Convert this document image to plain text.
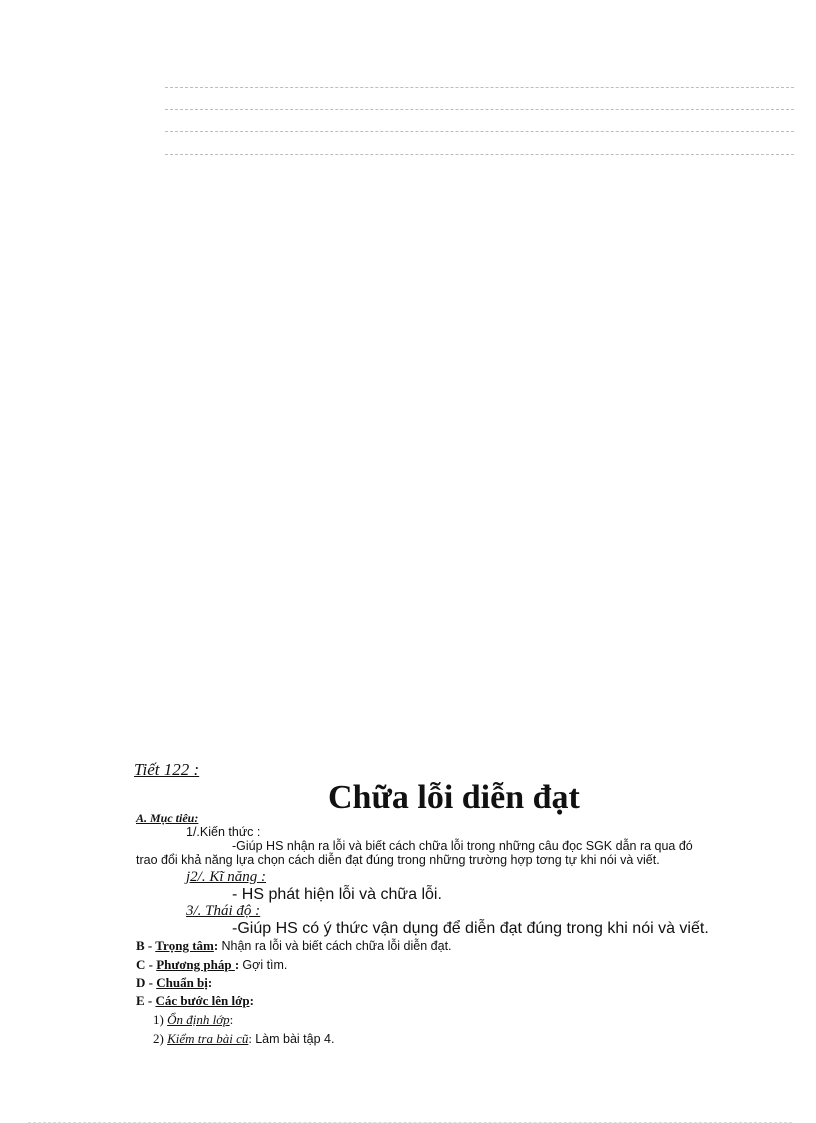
Tiết 122 :
Chữa lỗi diễn đạt
A. Mục tiêu:
1/.Kiến thức :
-Giúp HS nhận ra lỗi và biết cách chữa lỗi trong những câu đọc SGK dẫn ra qua đó
trao đổi khả năng lựa chọn cách diễn đạt đúng trong những trường hợp tơng tự khi nói và viết.
j2/. Kĩ năng :
- HS phát hiện lỗi và chữa lỗi.
3/. Thái độ :
-Giúp HS có ý thức vận dụng để diễn đạt đúng trong khi nói và viết.
B - Trọng tâm: Nhận ra lỗi và biết cách chữa lỗi diễn đạt.
C - Phương pháp : Gợi tìm.
D - Chuẩn bị:
E - Các bước lên lớp:
1) Ổn định lớp:
2) Kiểm tra bài cũ: Làm bài tập 4.
